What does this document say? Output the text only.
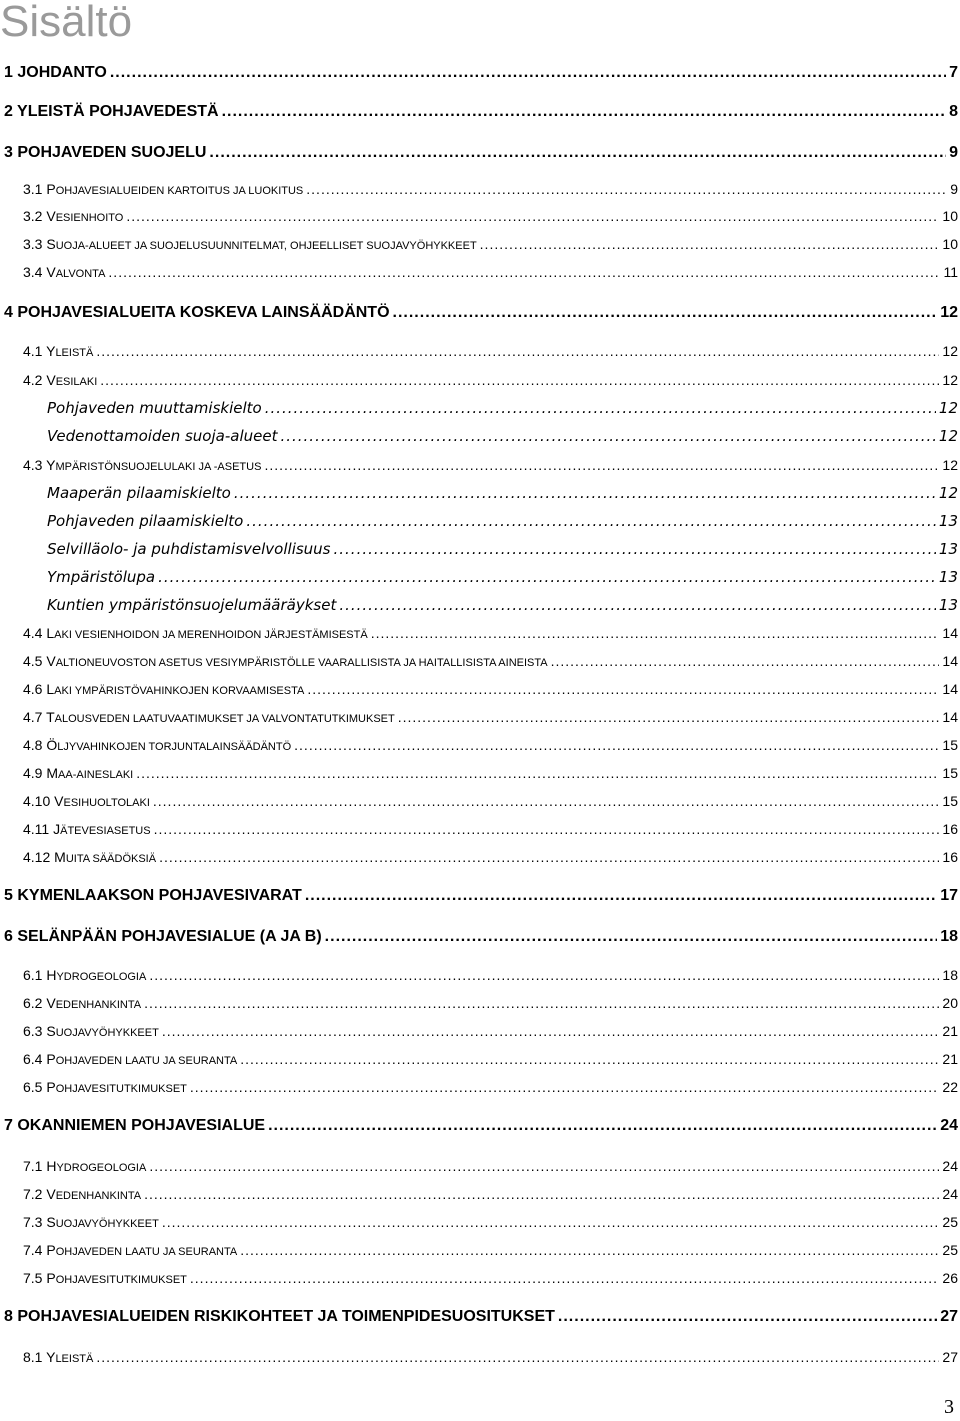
Sisältö
1 JOHDANTO .....	7
2 YLEISTÄ POHJAVEDESTÄ .....	8
3 POHJAVEDEN SUOJELU .....	9
3.1 POHJAVESIALUEIDEN KARTOITUS JA LUOKITUS .....	9
3.2 VESIENHOITO .....	10
3.3 SUOJA-ALUEET JA SUOJELUSUUNNITELMAT, OHJEELLISET SUOJAVYÖHYKKEET .....	10
3.4 VALVONTA .....	11
4 POHJAVESIALUEITA KOSKEVA LAINSÄÄDÄNTÖ .....	12
4.1 YLEISTÄ .....	12
4.2 VESILAKI .....	12
Pohjaveden muuttamiskielto .....	12
Vedenottamoiden suoja-alueet .....	12
4.3 YMPÄRISTÖNSUOJELULAKI JA -ASETUS .....	12
Maaperän pilaamiskielto .....	12
Pohjaveden pilaamiskielto .....	13
Selvilläolo- ja puhdistamisvelvollisuus .....	13
Ympäristölupa .....	13
Kuntien ympäristönsuojelumääräykset .....	13
4.4 LAKI VESIENHOIDON JA MERENHOIDON JÄRJESTÄMISESTÄ .....	14
4.5 VALTIONEUVOSTON ASETUS VESIYMPÄRISTÖLLE VAARALLISISTA JA HAITALLISISTA AINEISTA .....	14
4.6 LAKI YMPÄRISTÖVAHINKOJEN KORVAAMISESTA .....	14
4.7 TALOUSVEDEN LAATUVAATIMUKSET JA VALVONTATUTKIMUKSET .....	14
4.8 ÖLJYVAHINKOJEN TORJUNTALAINSÄÄDÄNTÖ .....	15
4.9 MAA-AINESLAKI .....	15
4.10 VESIHUOLTOLAKI .....	15
4.11 JÄTEVESIASETUS .....	16
4.12 MUITA SÄÄDÖKSIÄ .....	16
5 KYMENLAAKSON POHJAVESIVARAT .....	17
6 SELÄNPÄÄN POHJAVESIALUE (A JA B) .....	18
6.1 HYDROGEOLOGIA .....	18
6.2 VEDENHANKINTA .....	20
6.3 SUOJAVYÖHYKKEET .....	21
6.4 POHJAVEDEN LAATU JA SEURANTA .....	21
6.5 POHJAVESITUTKIMUKSET .....	22
7 OKANNIEMEN POHJAVESIALUE .....	24
7.1 HYDROGEOLOGIA .....	24
7.2 VEDENHANKINTA .....	24
7.3 SUOJAVYÖHYKKEET .....	25
7.4 POHJAVEDEN LAATU JA SEURANTA .....	25
7.5 POHJAVESITUTKIMUKSET .....	26
8 POHJAVESIALUEIDEN RISKIKOHTEET JA TOIMENPIDESUOSITUKSET .....	27
8.1 YLEISTÄ .....	27
3
